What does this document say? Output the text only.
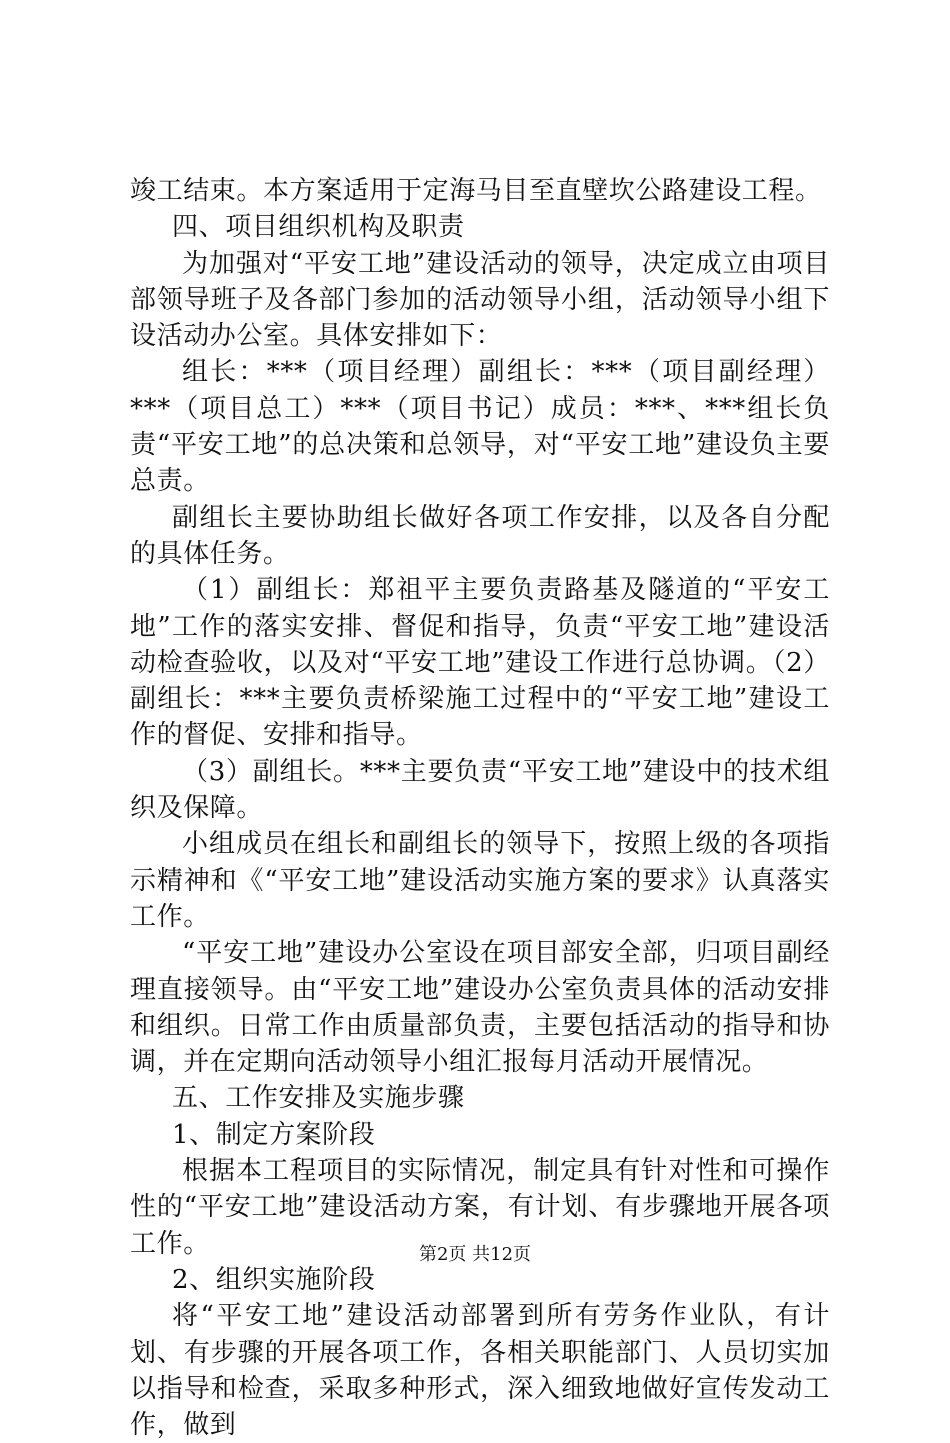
竣工结束。本方案适用于定海马目至直壁坎公路建设工程。

四、项目组织机构及职责

为加强对“平安工地”建设活动的领导，决定成立由项目部领导班子及各部门参加的活动领导小组，活动领导小组下设活动办公室。具体安排如下：

组长：***（项目经理）副组长：***（项目副经理）***（项目总工）***（项目书记）成员：***、***组长负责“平安工地”的总决策和总领导，对“平安工地”建设负主要总责。

副组长主要协助组长做好各项工作安排，以及各自分配的具体任务。

（1）副组长：郑祖平主要负责路基及隧道的“平安工地”工作的落实安排、督促和指导，负责“平安工地”建设活动检查验收，以及对“平安工地”建设工作进行总协调。（2）副组长：***主要负责桥梁施工过程中的“平安工地”建设工作的督促、安排和指导。

（3）副组长。***主要负责“平安工地”建设中的技术组织及保障。

小组成员在组长和副组长的领导下，按照上级的各项指示精神和《“平安工地”建设活动实施方案的要求》认真落实工作。

“平安工地”建设办公室设在项目部安全部，归项目副经理直接领导。由“平安工地”建设办公室负责具体的活动安排和组织。日常工作由质量部负责，主要包括活动的指导和协调，并在定期向活动领导小组汇报每月活动开展情况。

五、工作安排及实施步骤

1、制定方案阶段

根据本工程项目的实际情况，制定具有针对性和可操作性的“平安工地”建设活动方案，有计划、有步骤地开展各项工作。

2、组织实施阶段

将“平安工地”建设活动部署到所有劳务作业队，有计划、有步骤的开展各项工作，各相关职能部门、人员切实加以指导和检查，采取多种形式，深入细致地做好宣传发动工作，做到

第2页 共12页
